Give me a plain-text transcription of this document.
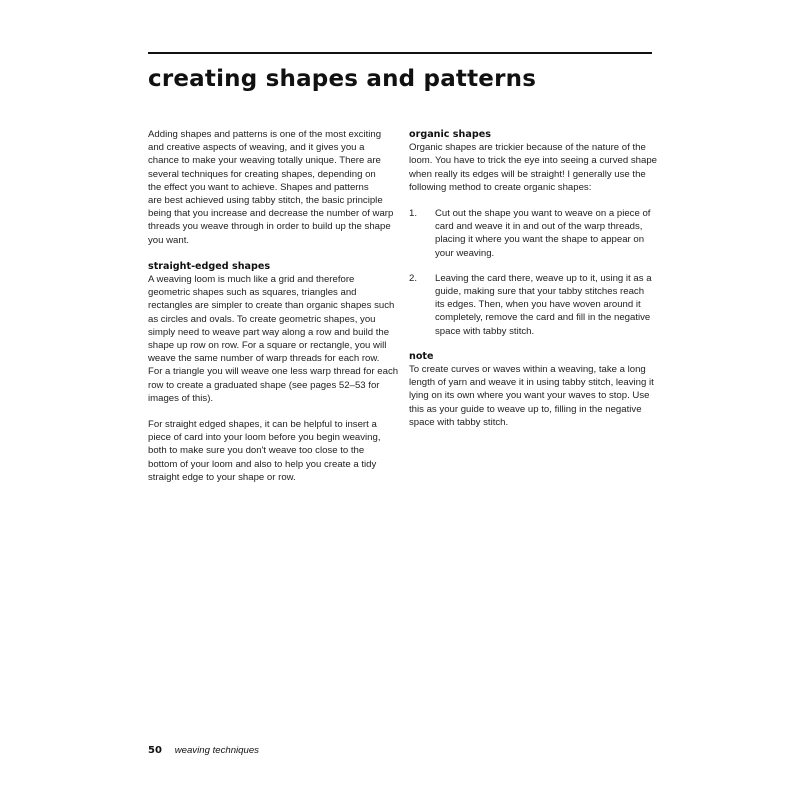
creating shapes and patterns

Adding shapes and patterns is one of the most exciting
and creative aspects of weaving, and it gives you a
chance to make your weaving totally unique. There are
several techniques for creating shapes, depending on
the effect you want to achieve. Shapes and patterns
are best achieved using tabby stitch, the basic principle
being that you increase and decrease the number of warp
threads you weave through in order to build up the shape
you want.

straight-edged shapes

A weaving loom is much like a grid and therefore
geometric shapes such as squares, triangles and
rectangles are simpler to create than organic shapes such
as circles and ovals. To create geometric shapes, you
simply need to weave part way along a row and build the
shape up row on row. For a square or rectangle, you will
weave the same number of warp threads for each row.
For a triangle you will weave one less warp thread for each
row to create a graduated shape (see pages 52–53 for
images of this).

For straight edged shapes, it can be helpful to insert a
piece of card into your loom before you begin weaving,
both to make sure you don't weave too close to the
bottom of your loom and also to help you create a tidy
straight edge to your shape or row.

organic shapes

Organic shapes are trickier because of the nature of the
loom. You have to trick the eye into seeing a curved shape
when really its edges will be straight! I generally use the
following method to create organic shapes:

1. Cut out the shape you want to weave on a piece of
card and weave it in and out of the warp threads,
placing it where you want the shape to appear on
your weaving.
2. Leaving the card there, weave up to it, using it as a
guide, making sure that your tabby stitches reach
its edges. Then, when you have woven around it
completely, remove the card and fill in the negative
space with tabby stitch.
note

To create curves or waves within a weaving, take a long
length of yarn and weave it in using tabby stitch, leaving it
lying on its own where you want your waves to stop. Use
this as your guide to weave up to, filling in the negative
space with tabby stitch.

50 weaving techniques
